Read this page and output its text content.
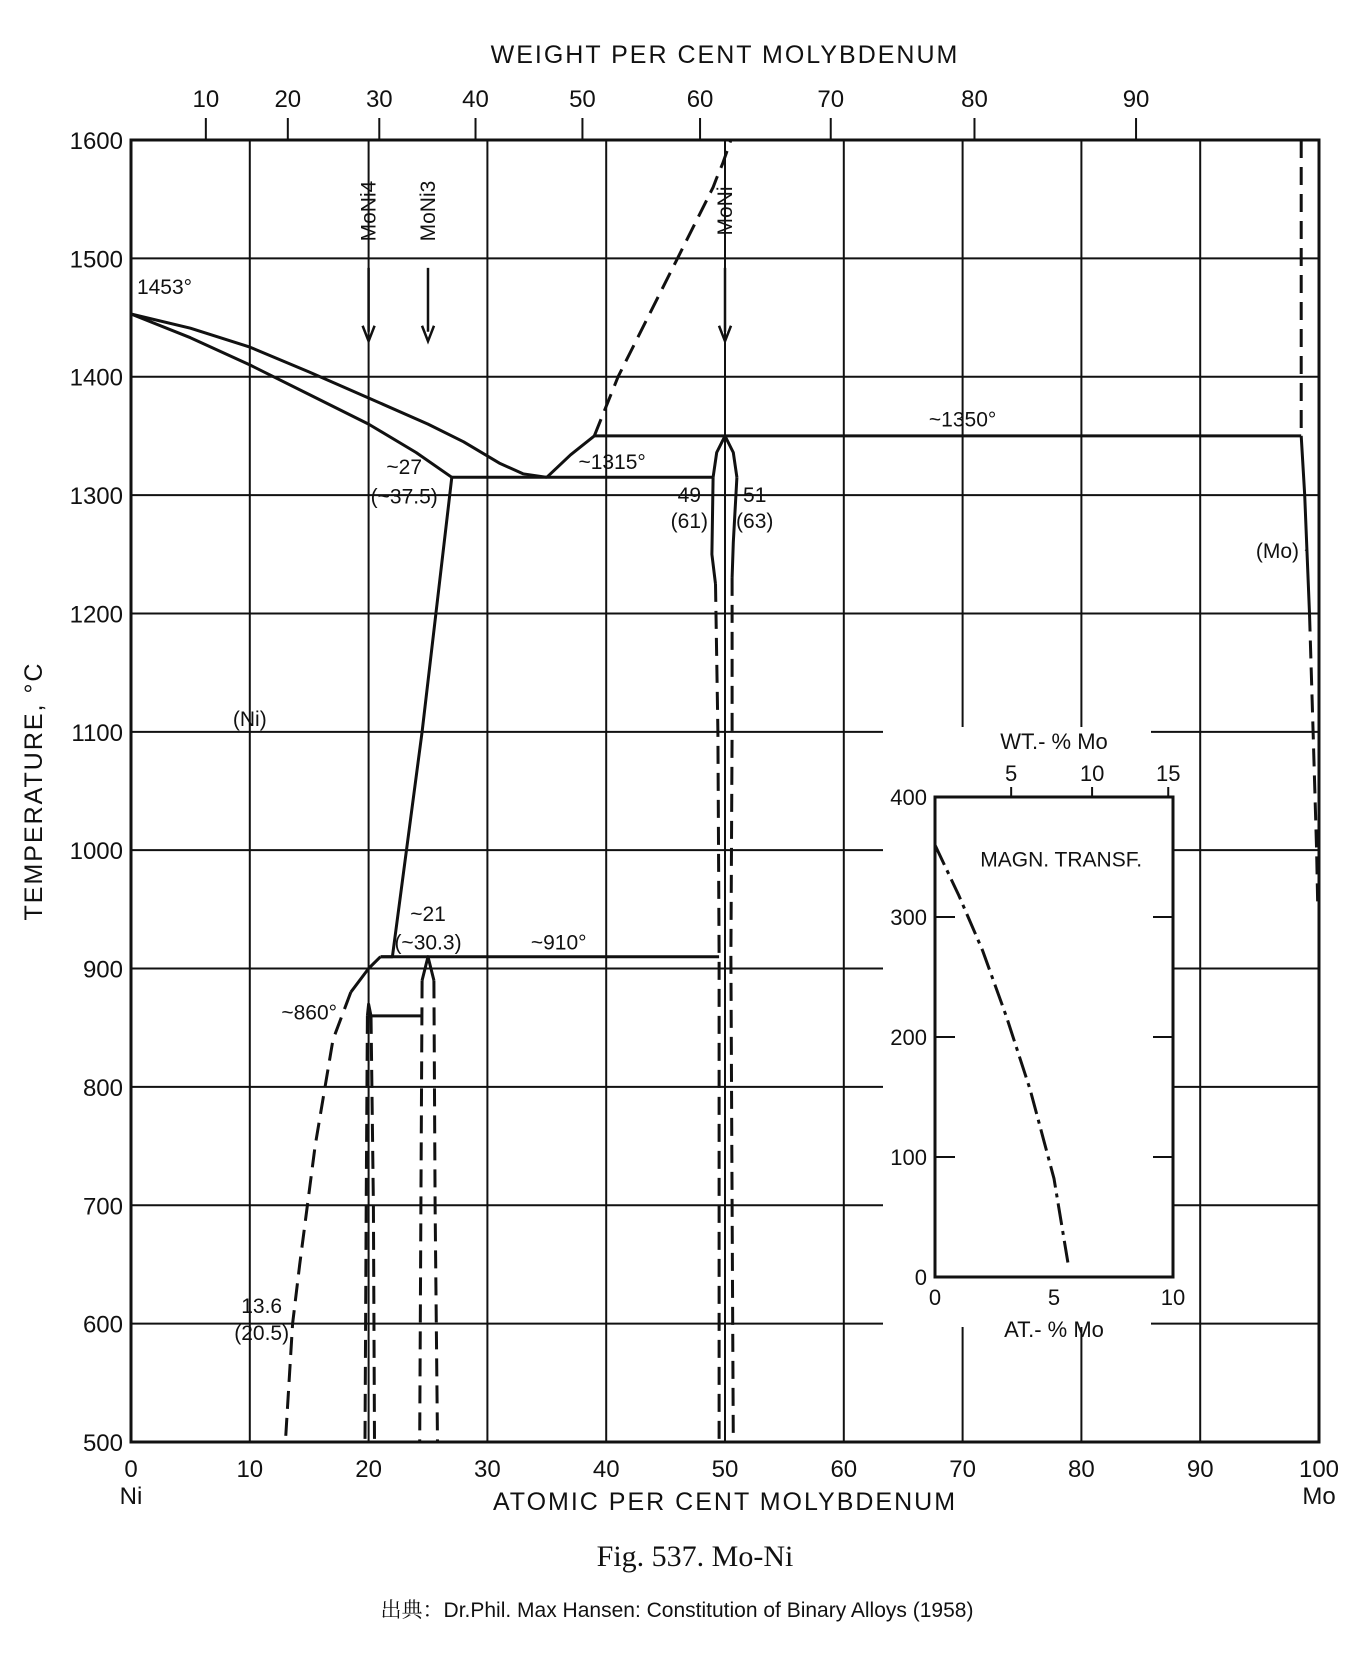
10 20	30	40	50	60	70	80	90
0	10	20	30	40	50	60	70	80	90	100
Ni	Mo
500
600
700
800
900
1000
1100
1200
1300
1400
1500
1600
MoNi4 MoNi3	MoNi
1453°
~1350°
~1315°
~27
(~37.5)	49
(61)
51
(63)
~21
(~30.3)	~910°
~860°
13.6
(20.5)
(Ni)
(Mo)
0
100
200
300
400
0	5	10
5	10 15
WT.- % Mo
AT.- % Mo
MAGN. TRANSF.
WEIGHT PER CENT MOLYBDENUM
ATOMIC PER CENT MOLYBDENUM
TEMPERATURE, °C
Fig. 537. Mo-Ni
出典：Dr.Phil. Max Hansen: Constitution of Binary Alloys (1958)
